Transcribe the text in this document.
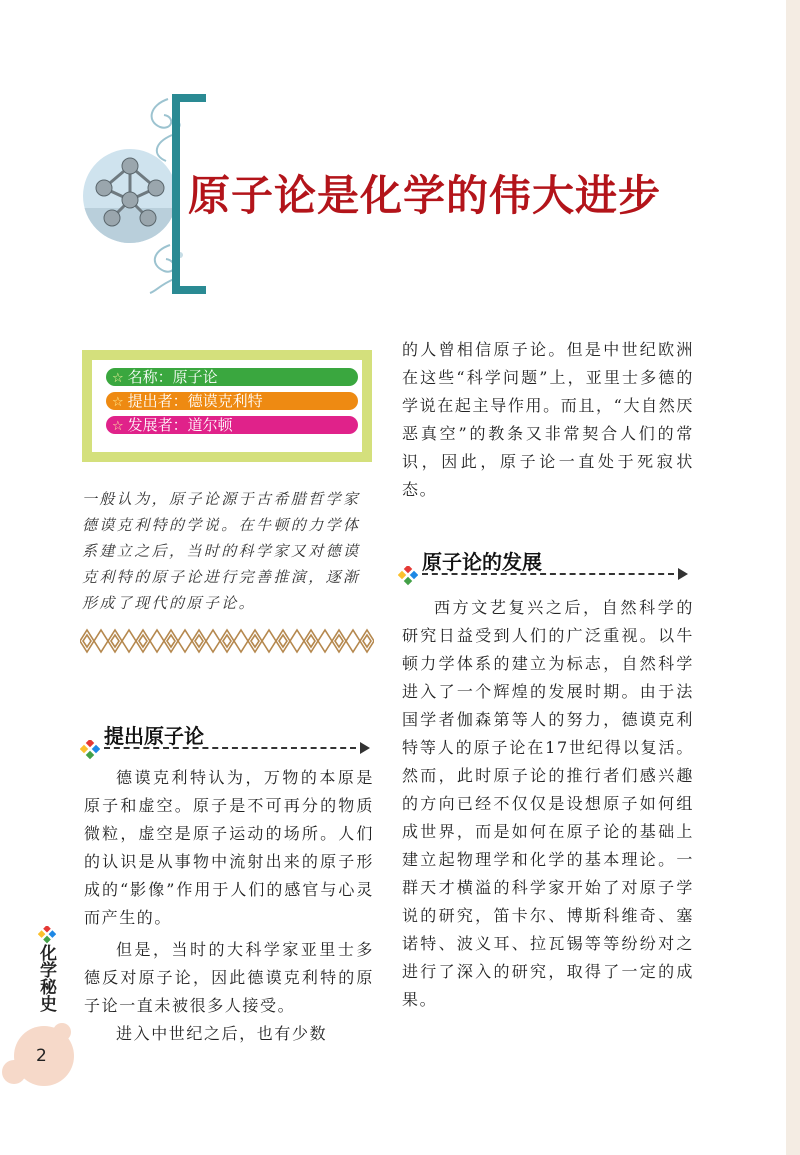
原子论是化学的伟大进步
☆ 名称：原子论
☆ 提出者：德谟克利特
☆ 发展者：道尔顿

一般认为，原子论源于古希腊哲学家德谟克利特的学说。在牛顿的力学体系建立之后，当时的科学家又对德谟克利特的原子论进行完善推演，逐渐形成了现代的原子论。

提出原子论

德谟克利特认为，万物的本原是原子和虚空。原子是不可再分的物质微粒，虚空是原子运动的场所。人们的认识是从事物中流射出来的原子形成的“影像”作用于人们的感官与心灵而产生的。

但是，当时的大科学家亚里士多德反对原子论，因此德谟克利特的原子论一直未被很多人接受。

进入中世纪之后，也有少数

的人曾相信原子论。但是中世纪欧洲在这些“科学问题”上，亚里士多德的学说在起主导作用。而且，“大自然厌恶真空”的教条又非常契合人们的常识，因此，原子论一直处于死寂状态。

原子论的发展

西方文艺复兴之后，自然科学的研究日益受到人们的广泛重视。以牛顿力学体系的建立为标志，自然科学进入了一个辉煌的发展时期。由于法国学者伽森第等人的努力，德谟克利特等人的原子论在17世纪得以复活。然而，此时原子论的推行者们感兴趣的方向已经不仅仅是设想原子如何组成世界，而是如何在原子论的基础上建立起物理学和化学的基本理论。一群天才横溢的科学家开始了对原子学说的研究，笛卡尔、博斯科维奇、塞诺特、波义耳、拉瓦锡等等纷纷对之进行了深入的研究，取得了一定的成果。

化学秘史

2
